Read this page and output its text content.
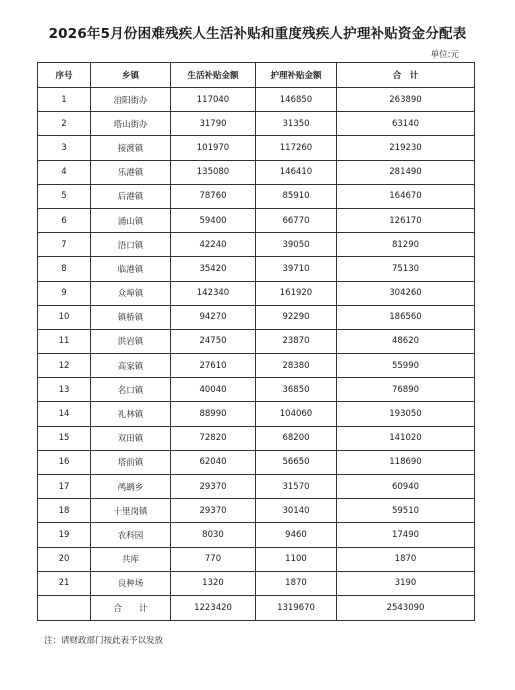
2026年5月份困难残疾人生活补贴和重度残疾人护理补贴资金分配表
单位:元
序号	乡镇	生活补贴金额	护理补贴金额	合　计
1	洎阳街办	117040	146850	263890
2	塔山街办	31790	31350	63140
3	接渡镇	101970	117260	219230
4	乐港镇	135080	146410	281490
5	后港镇	78760	85910	164670
6	涌山镇	59400	66770	126170
7	浯口镇	42240	39050	81290
8	临港镇	35420	39710	75130
9	众埠镇	142340	161920	304260
10	镇桥镇	94270	92290	186560
11	洪岩镇	24750	23870	48620
12	高家镇	27610	28380	55990
13	名口镇	40040	36850	76890
14	礼林镇	88990	104060	193050
15	双田镇	72820	68200	141020
16	塔前镇	62040	56650	118690
17	鸬鹚乡	29370	31570	60940
18	十里岗镇	29370	30140	59510
19	农科园	8030	9460	17490
20	共库	770	1100	1870
21	良种场	1320	1870	3190
	合　　计	1223420	1319670	2543090
注：请财政部门按此表予以发放
